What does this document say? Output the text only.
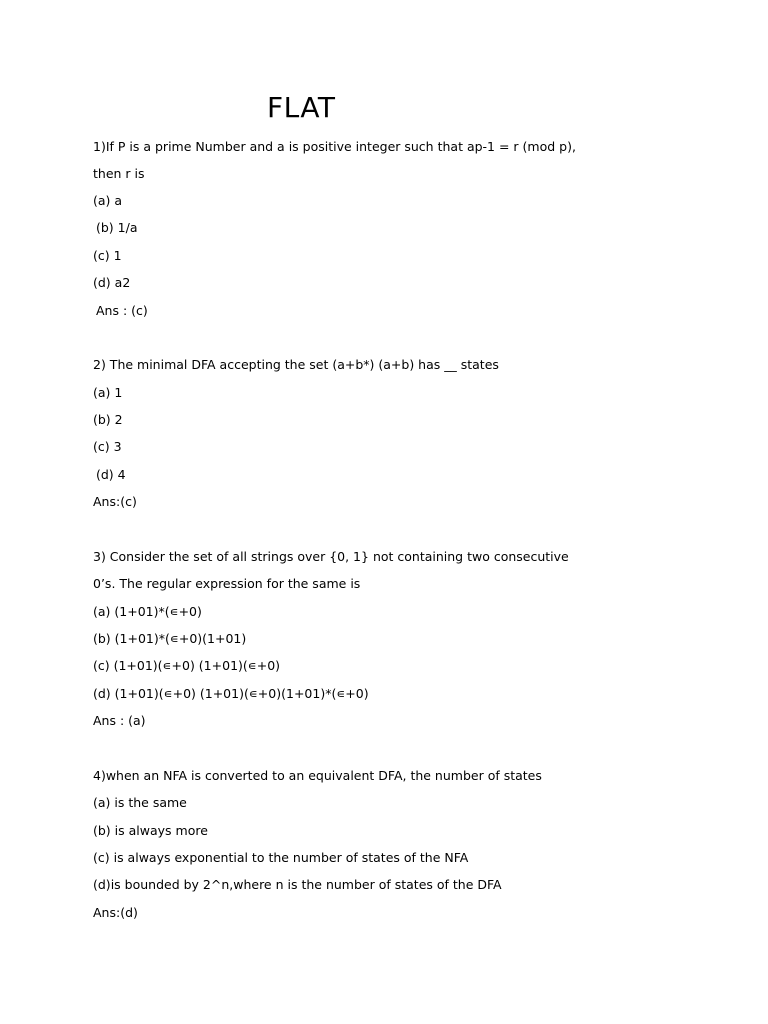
FLAT
1)If P is a prime Number and a is positive integer such that ap-1 = r (mod p),
then r is
(a) a
(b) 1/a
(c) 1
(d) a2
Ans : (c)
2) The minimal DFA accepting the set (a+b*) (a+b) has __ states
(a) 1
(b) 2
(c) 3
(d) 4
Ans:(c)
3) Consider the set of all strings over {0, 1} not containing two consecutive
0’s. The regular expression for the same is
(a) (1+01)*(∊+0)
(b) (1+01)*(∊+0)(1+01)
(c) (1+01)(∊+0) (1+01)(∊+0)
(d) (1+01)(∊+0) (1+01)(∊+0)(1+01)*(∊+0)
Ans : (a)
4)when an NFA is converted to an equivalent DFA, the number of states
(a) is the same
(b) is always more
(c) is always exponential to the number of states of the NFA
(d)is bounded by 2^n,where n is the number of states of the DFA
Ans:(d)
